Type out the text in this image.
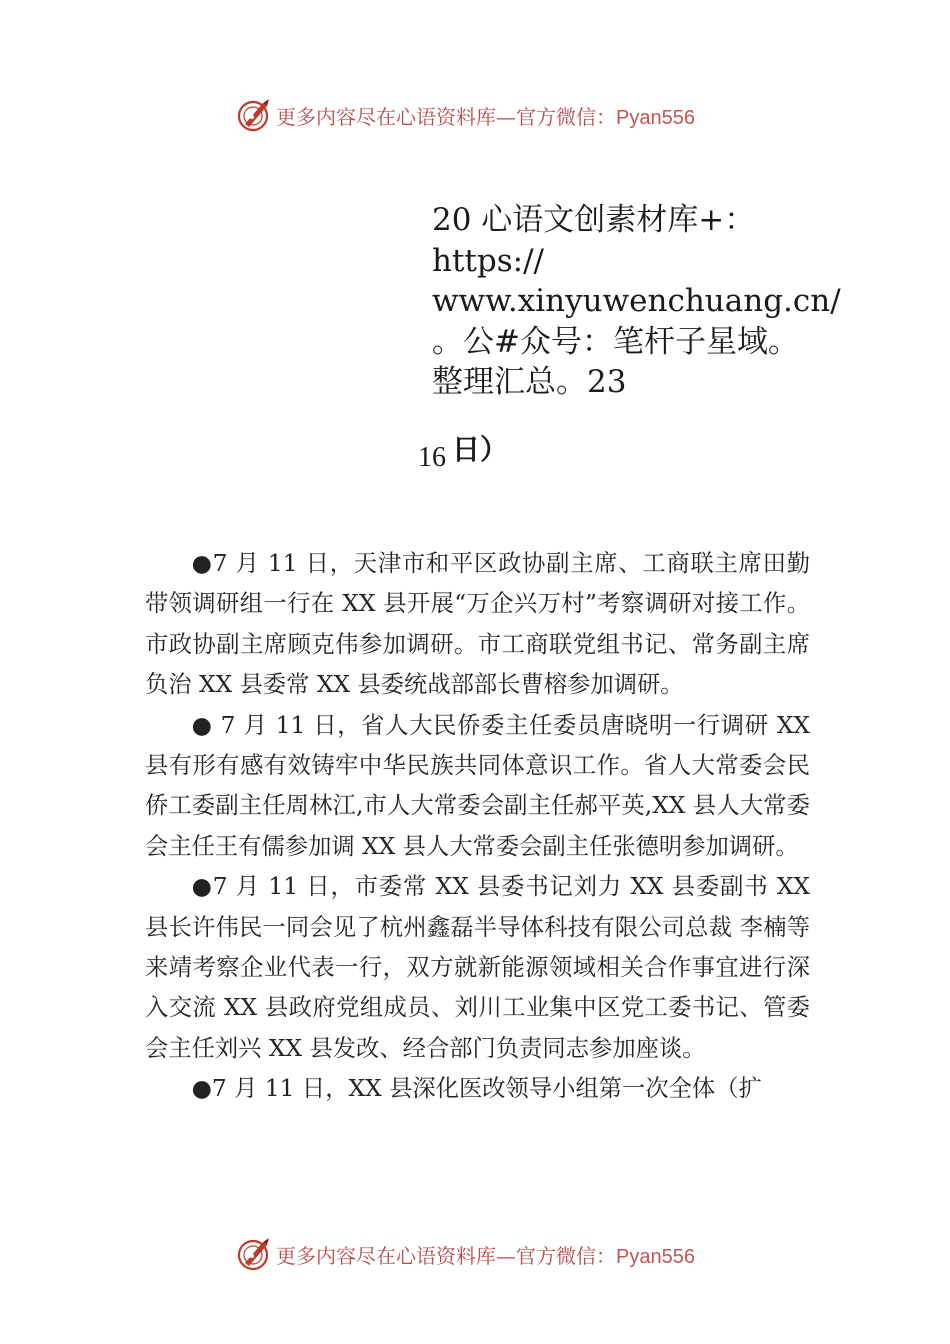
更多内容尽在心语资料库—官方微信：Pyan556
20 心语文创素材库+：
https://
www.xinyuwenchuang.cn/
。公#众号：笔杆子星域。
整理汇总。23
16 日）

●7 月 11 日，天津市和平区政协副主席、工商联主席田勤带领调研组一行在 XX 县开展“万企兴万村”考察调研对接工作。市政协副主席顾克伟参加调研。市工商联党组书记、常务副主席负治 XX 县委常 XX 县委统战部部长曹榕参加调研。

● 7 月 11 日，省人大民侨委主任委员唐晓明一行调研 XX 县有形有感有效铸牢中华民族共同体意识工作。省人大常委会民侨工委副主任周林江,市人大常委会副主任郝平英,XX 县人大常委会主任王有儒参加调 XX 县人大常委会副主任张德明参加调研。

●7 月 11 日，市委常 XX 县委书记刘力 XX 县委副书 XX 县长许伟民一同会见了杭州鑫磊半导体科技有限公司总裁 李楠等来靖考察企业代表一行，双方就新能源领域相关合作事宜进行深入交流 XX 县政府党组成员、刘川工业集中区党工委书记、管委会主任刘兴 XX 县发改、经合部门负责同志参加座谈。

●7 月 11 日，XX 县深化医改领导小组第一次全体（扩

更多内容尽在心语资料库—官方微信：Pyan556
